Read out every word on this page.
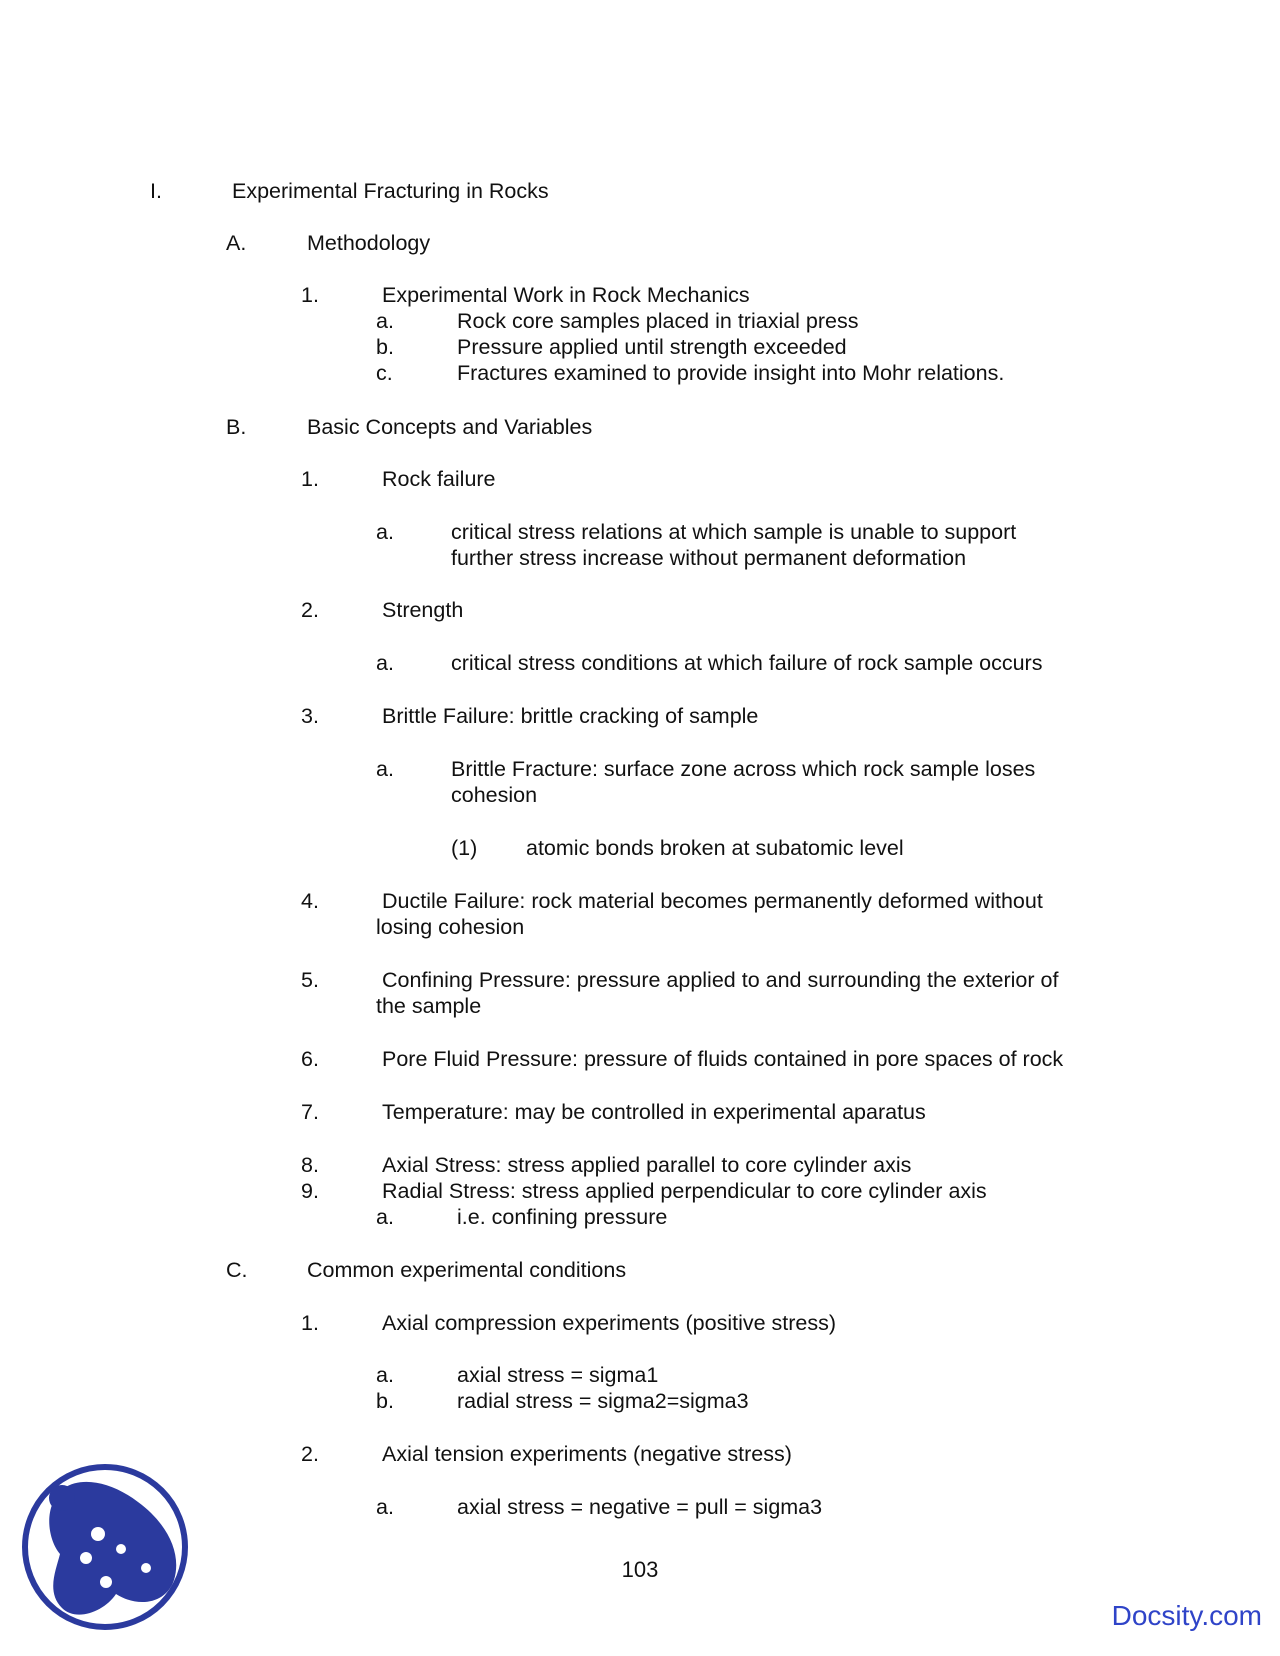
I.	Experimental Fracturing in Rocks
A.	Methodology
1.	Experimental Work in Rock Mechanics
a.	Rock core samples placed in triaxial press
b.	Pressure applied until strength exceeded
c.	Fractures examined to provide insight into Mohr relations.
B.	Basic Concepts and Variables
1.	Rock failure
a.	critical stress relations at which sample is unable to support
further stress increase without permanent deformation
2.	Strength
a.	critical stress conditions at which failure of rock sample occurs
3.	Brittle Failure: brittle cracking of sample
a.	Brittle Fracture: surface zone across which rock sample loses
cohesion
(1) atomic bonds broken at subatomic level
4.	Ductile Failure: rock material becomes permanently deformed without
losing cohesion
5.	Confining Pressure: pressure applied to and surrounding the exterior of
the sample
6.	Pore Fluid Pressure: pressure of fluids contained in pore spaces of rock
7.	Temperature: may be controlled in experimental aparatus
8.	Axial Stress: stress applied parallel to core cylinder axis
9.	Radial Stress: stress applied perpendicular to core cylinder axis
a.	i.e. confining pressure
C.	Common experimental conditions
1.	Axial compression experiments (positive stress)
a.	axial stress = sigma1
b.	radial stress = sigma2=sigma3
2.	Axial tension experiments (negative stress)
a.	axial stress = negative = pull = sigma3
103
Docsity.com
